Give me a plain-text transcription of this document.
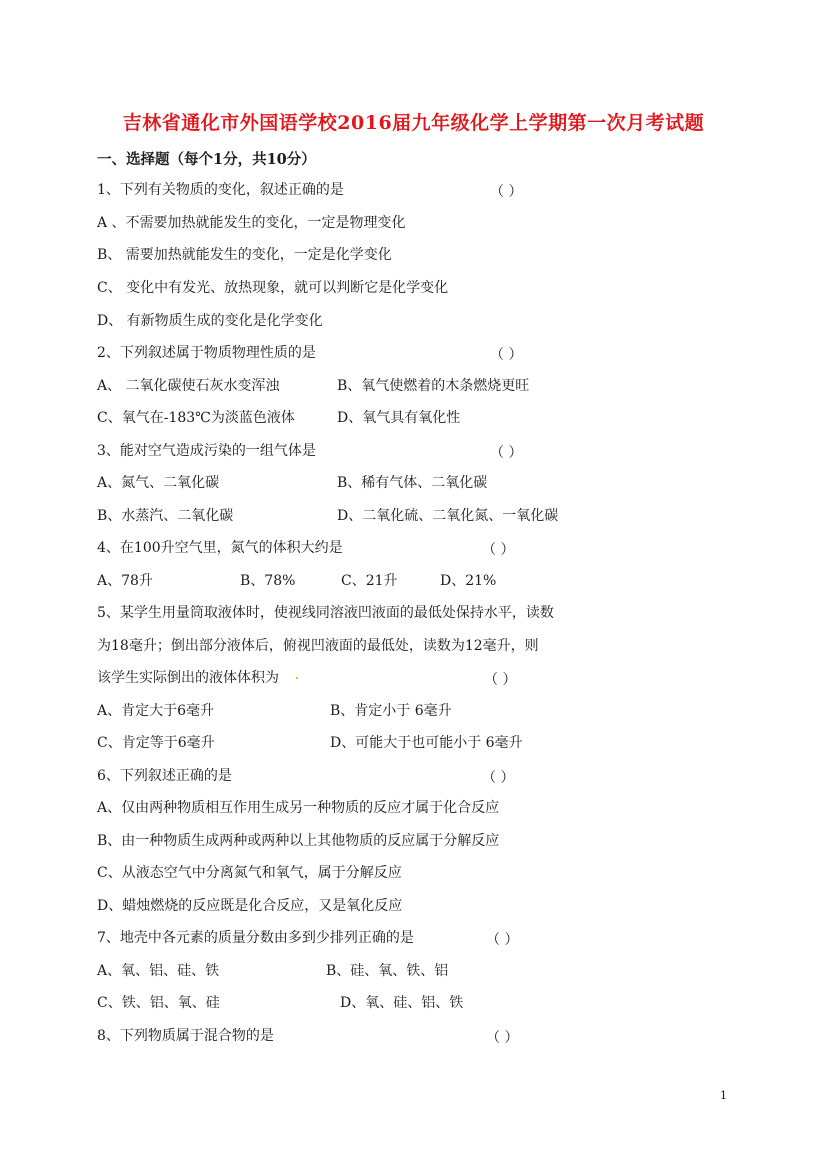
吉林省通化市外国语学校2016届九年级化学上学期第一次月考试题
一、选择题（每个1分，共10分）
1、下列有关物质的变化，叙述正确的是	（ ）
A 、不需要加热就能发生的变化，一定是物理变化
B、 需要加热就能发生的变化，一定是化学变化
C、 变化中有发光、放热现象，就可以判断它是化学变化
D、 有新物质生成的变化是化学变化
2、下列叙述属于物质物理性质的是	（ ）
A、 二氧化碳使石灰水变浑浊	B、氧气使燃着的木条燃烧更旺
C、氧气在-183℃为淡蓝色液体	D、氧气具有氧化性
3、能对空气造成污染的一组气体是	（ ）
A、氮气、二氧化碳	B、稀有气体、二氧化碳
B、水蒸汽、二氧化碳	D、二氧化硫、二氧化氮、一氧化碳
4、在100升空气里，氮气的体积大约是	（ ）
A、78升	B、78%	C、21升	D、21%
5、某学生用量筒取液体时，使视线同溶液凹液面的最低处保持水平，读数
为18毫升；倒出部分液体后，俯视凹液面的最低处，读数为12毫升，则
该学生实际倒出的液体体积为	（ ）
A、肯定大于6毫升	B、肯定小于 6毫升
C、肯定等于6毫升	D、可能大于也可能小于 6毫升
6、下列叙述正确的是	（ ）
A、仅由两种物质相互作用生成另一种物质的反应才属于化合反应
B、由一种物质生成两种或两种以上其他物质的反应属于分解反应
C、从液态空气中分离氮气和氧气，属于分解反应
D、蜡烛燃烧的反应既是化合反应，又是氧化反应
7、地壳中各元素的质量分数由多到少排列正确的是	（ ）
A、氧、铝、硅、铁	B、硅、氧、铁、铝
C、铁、铝、氧、硅	D、氧、硅、铝、铁
8、下列物质属于混合物的是	（ ）
1
